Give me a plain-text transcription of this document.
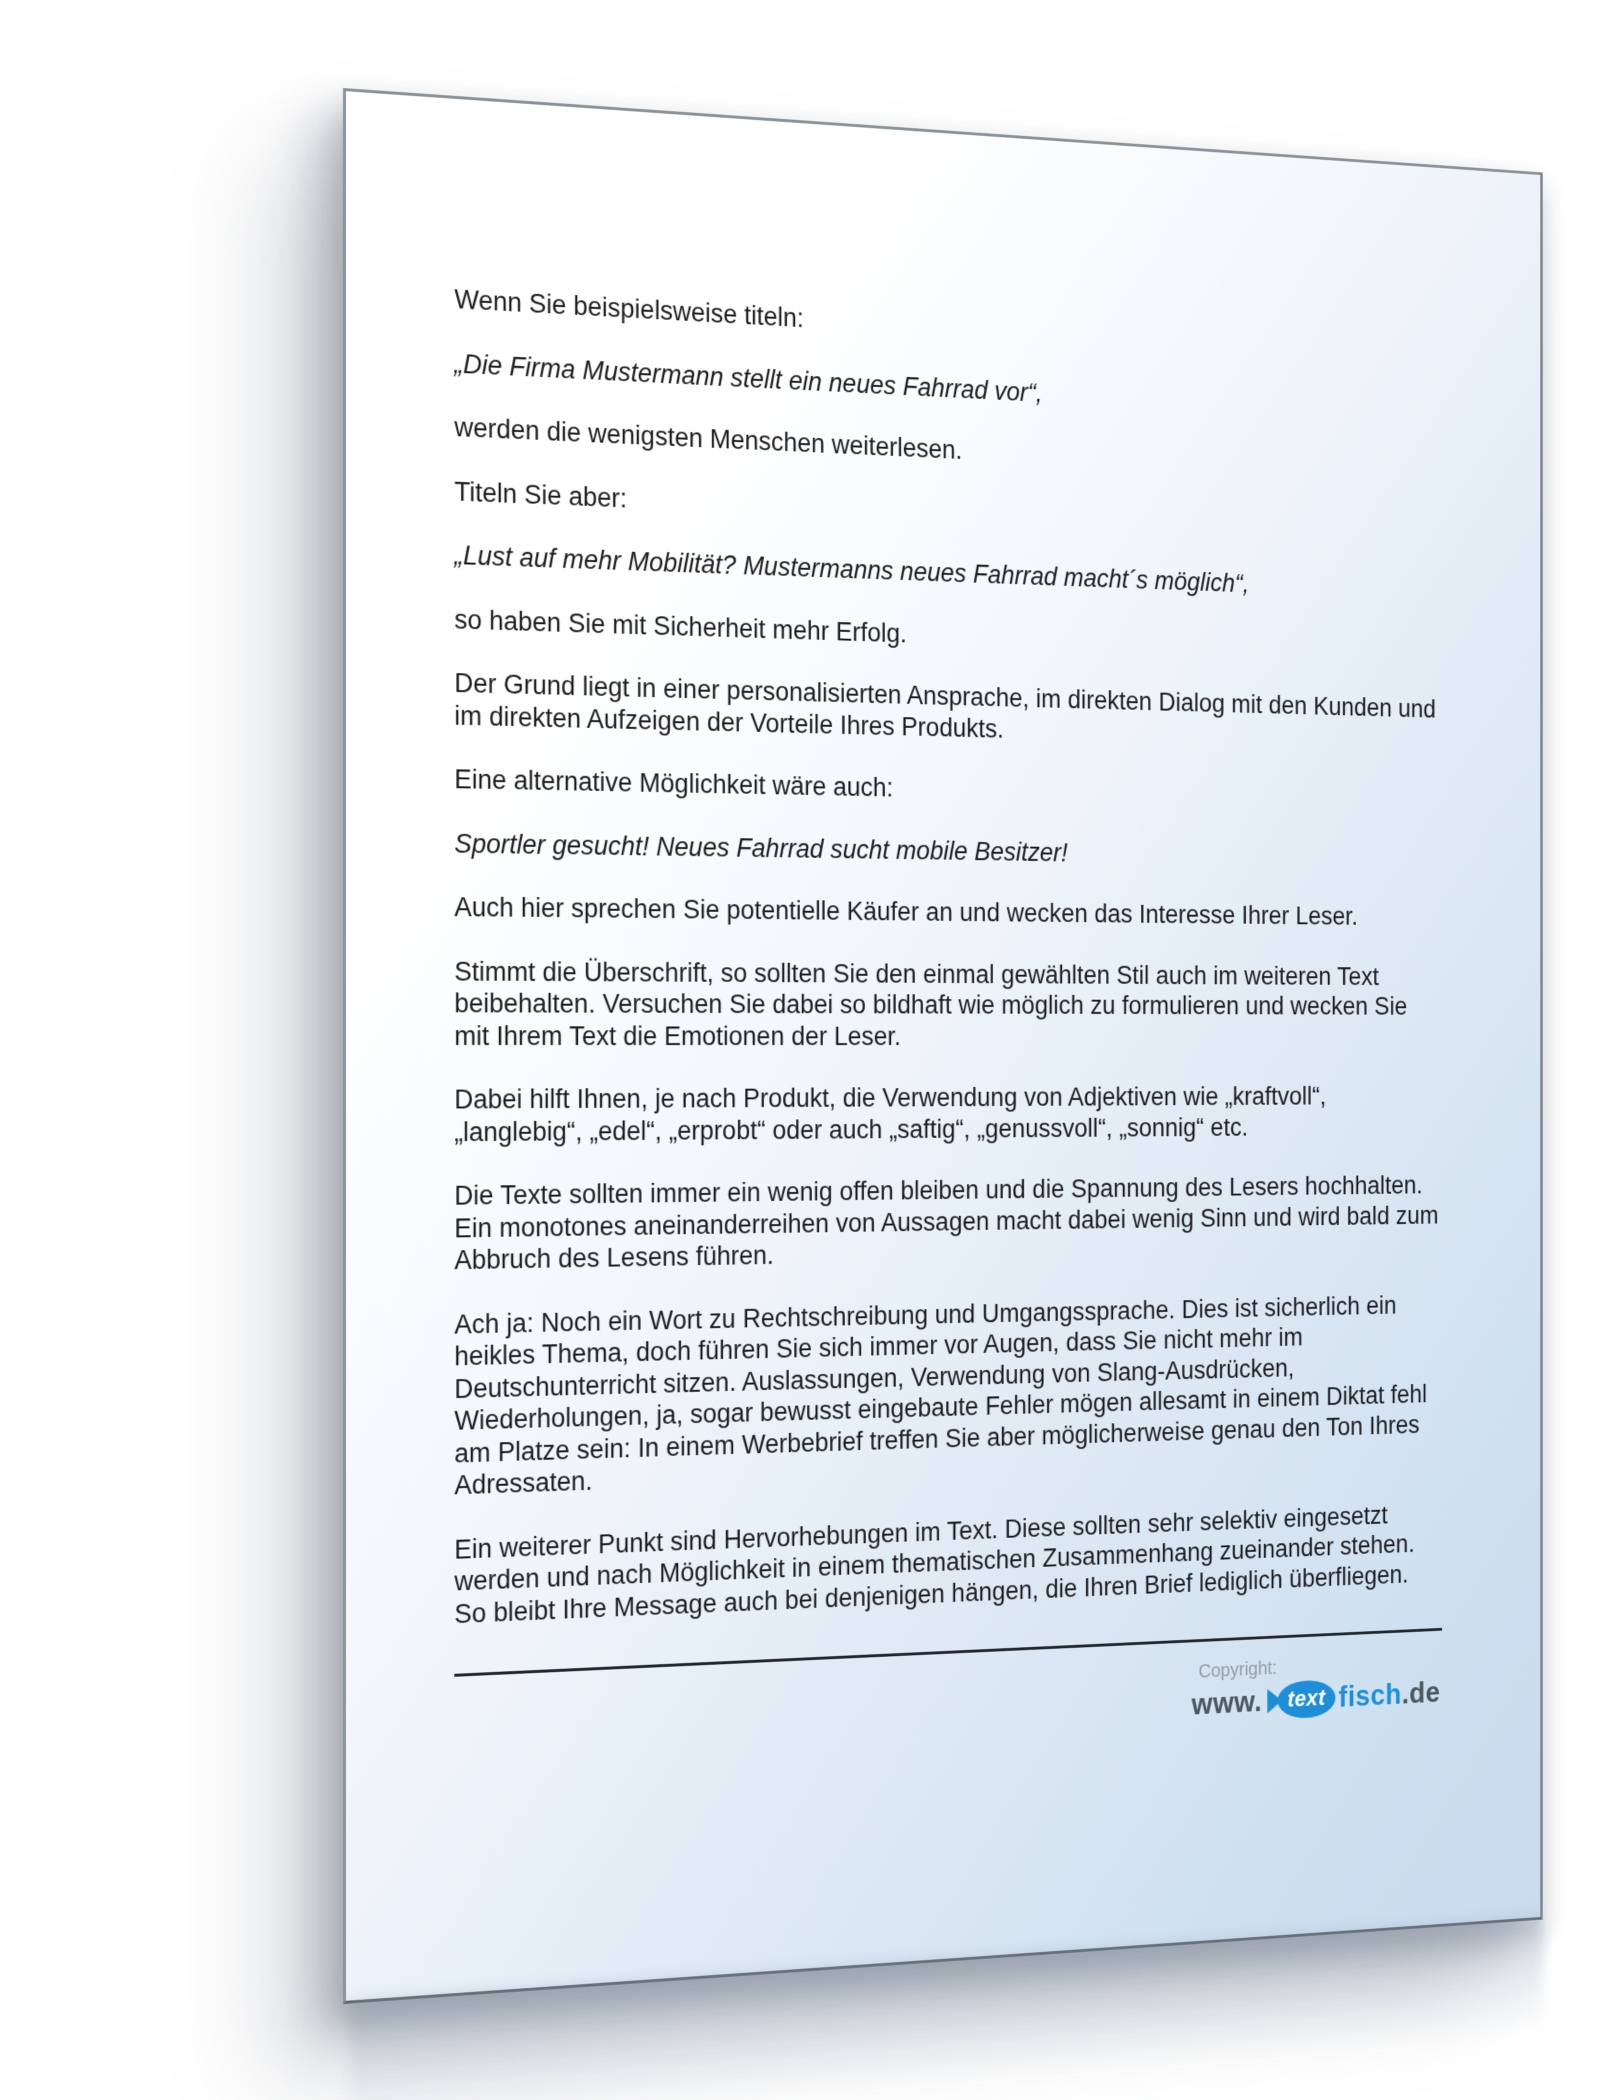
Wenn Sie beispielsweise titeln:
„Die Firma Mustermann stellt ein neues Fahrrad vor“,
werden die wenigsten Menschen weiterlesen.
Titeln Sie aber:
„Lust auf mehr Mobilität? Mustermanns neues Fahrrad macht´s möglich“,
so haben Sie mit Sicherheit mehr Erfolg.
Der Grund liegt in einer personalisierten Ansprache, im direkten Dialog mit den Kunden und im direkten Aufzeigen der Vorteile Ihres Produkts.
Eine alternative Möglichkeit wäre auch:
Sportler gesucht! Neues Fahrrad sucht mobile Besitzer!
Auch hier sprechen Sie potentielle Käufer an und wecken das Interesse Ihrer Leser.
Stimmt die Überschrift, so sollten Sie den einmal gewählten Stil auch im weiteren Text beibehalten. Versuchen Sie dabei so bildhaft wie möglich zu formulieren und wecken Sie mit Ihrem Text die Emotionen der Leser.
Dabei hilft Ihnen, je nach Produkt, die Verwendung von Adjektiven wie „kraftvoll“, „langlebig“, „edel“, „erprobt“ oder auch „saftig“, „genussvoll“, „sonnig“ etc.
Die Texte sollten immer ein wenig offen bleiben und die Spannung des Lesers hochhalten. Ein monotones aneinanderreihen von Aussagen macht dabei wenig Sinn und wird bald zum Abbruch des Lesens führen.
Ach ja: Noch ein Wort zu Rechtschreibung und Umgangssprache. Dies ist sicherlich ein heikles Thema, doch führen Sie sich immer vor Augen, dass Sie nicht mehr im Deutschunterricht sitzen. Auslassungen, Verwendung von Slang-Ausdrücken, Wiederholungen, ja, sogar bewusst eingebaute Fehler mögen allesamt in einem Diktat fehl am Platze sein: In einem Werbebrief treffen Sie aber möglicherweise genau den Ton Ihres Adressaten.
Ein weiterer Punkt sind Hervorhebungen im Text. Diese sollten sehr selektiv eingesetzt werden und nach Möglichkeit in einem thematischen Zusammenhang zueinander stehen. So bleibt Ihre Message auch bei denjenigen hängen, die Ihren Brief lediglich überfliegen.
Copyright:
www.	text fisch .de
